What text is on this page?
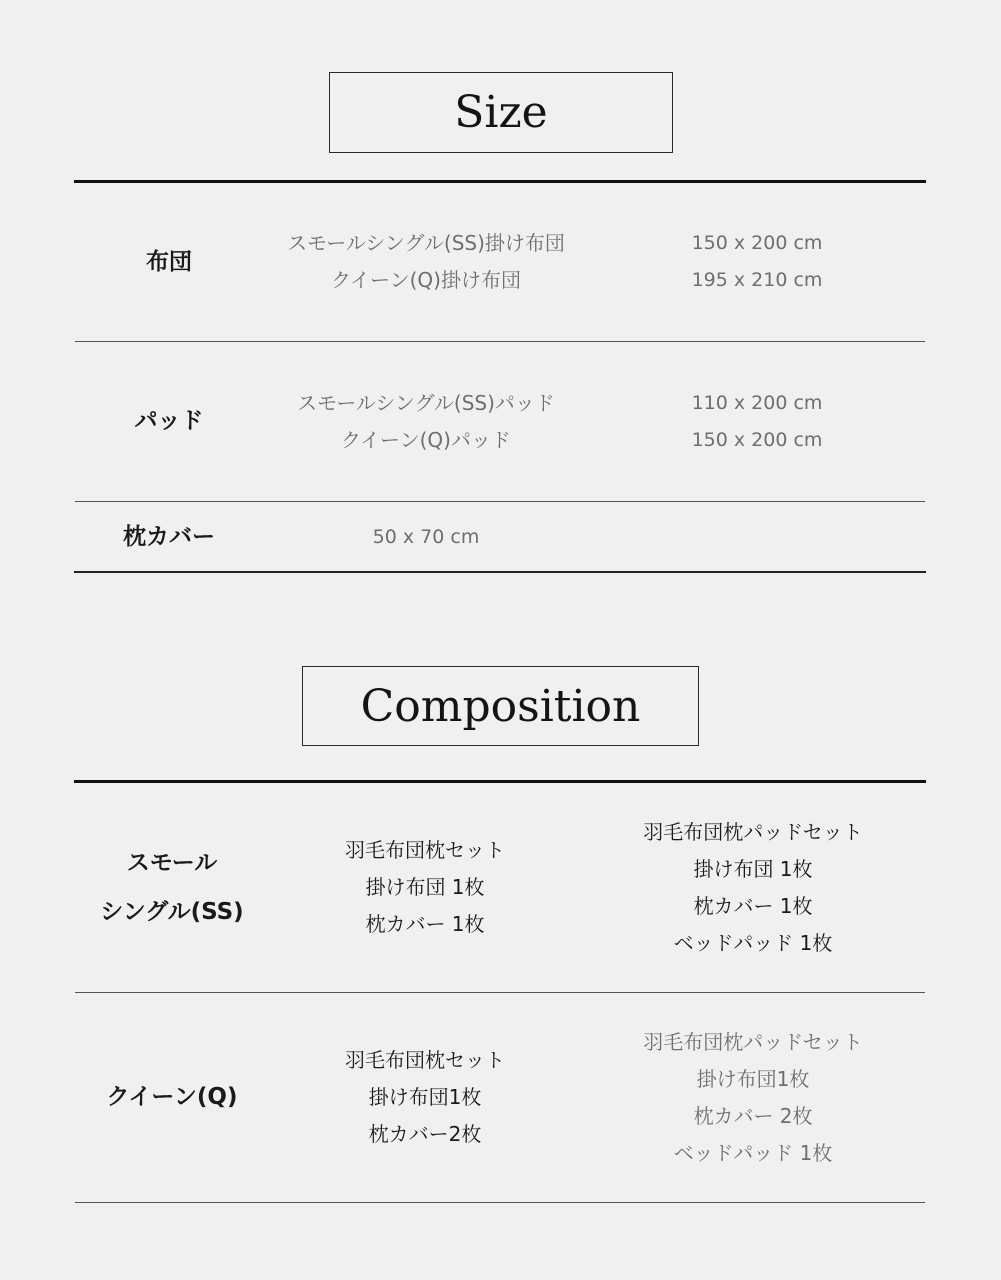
Size
布団
スモールシングル(SS)掛け布団
クイーン(Q)掛け布団
150 x 200 cm
195 x 210 cm
パッド
スモールシングル(SS)パッド
クイーン(Q)パッド
110 x 200 cm
150 x 200 cm
枕カバー	50 x 70 cm
Composition
スモール
シングル(SS)
羽毛布団枕セット
掛け布団 1枚
枕カバー 1枚
羽毛布団枕パッドセット
掛け布団 1枚
枕カバー 1枚
ベッドパッド 1枚
クイーン(Q)
羽毛布団枕セット
掛け布団1枚
枕カバー2枚
羽毛布団枕パッドセット
掛け布団1枚
枕カバー 2枚
ベッドパッド 1枚
